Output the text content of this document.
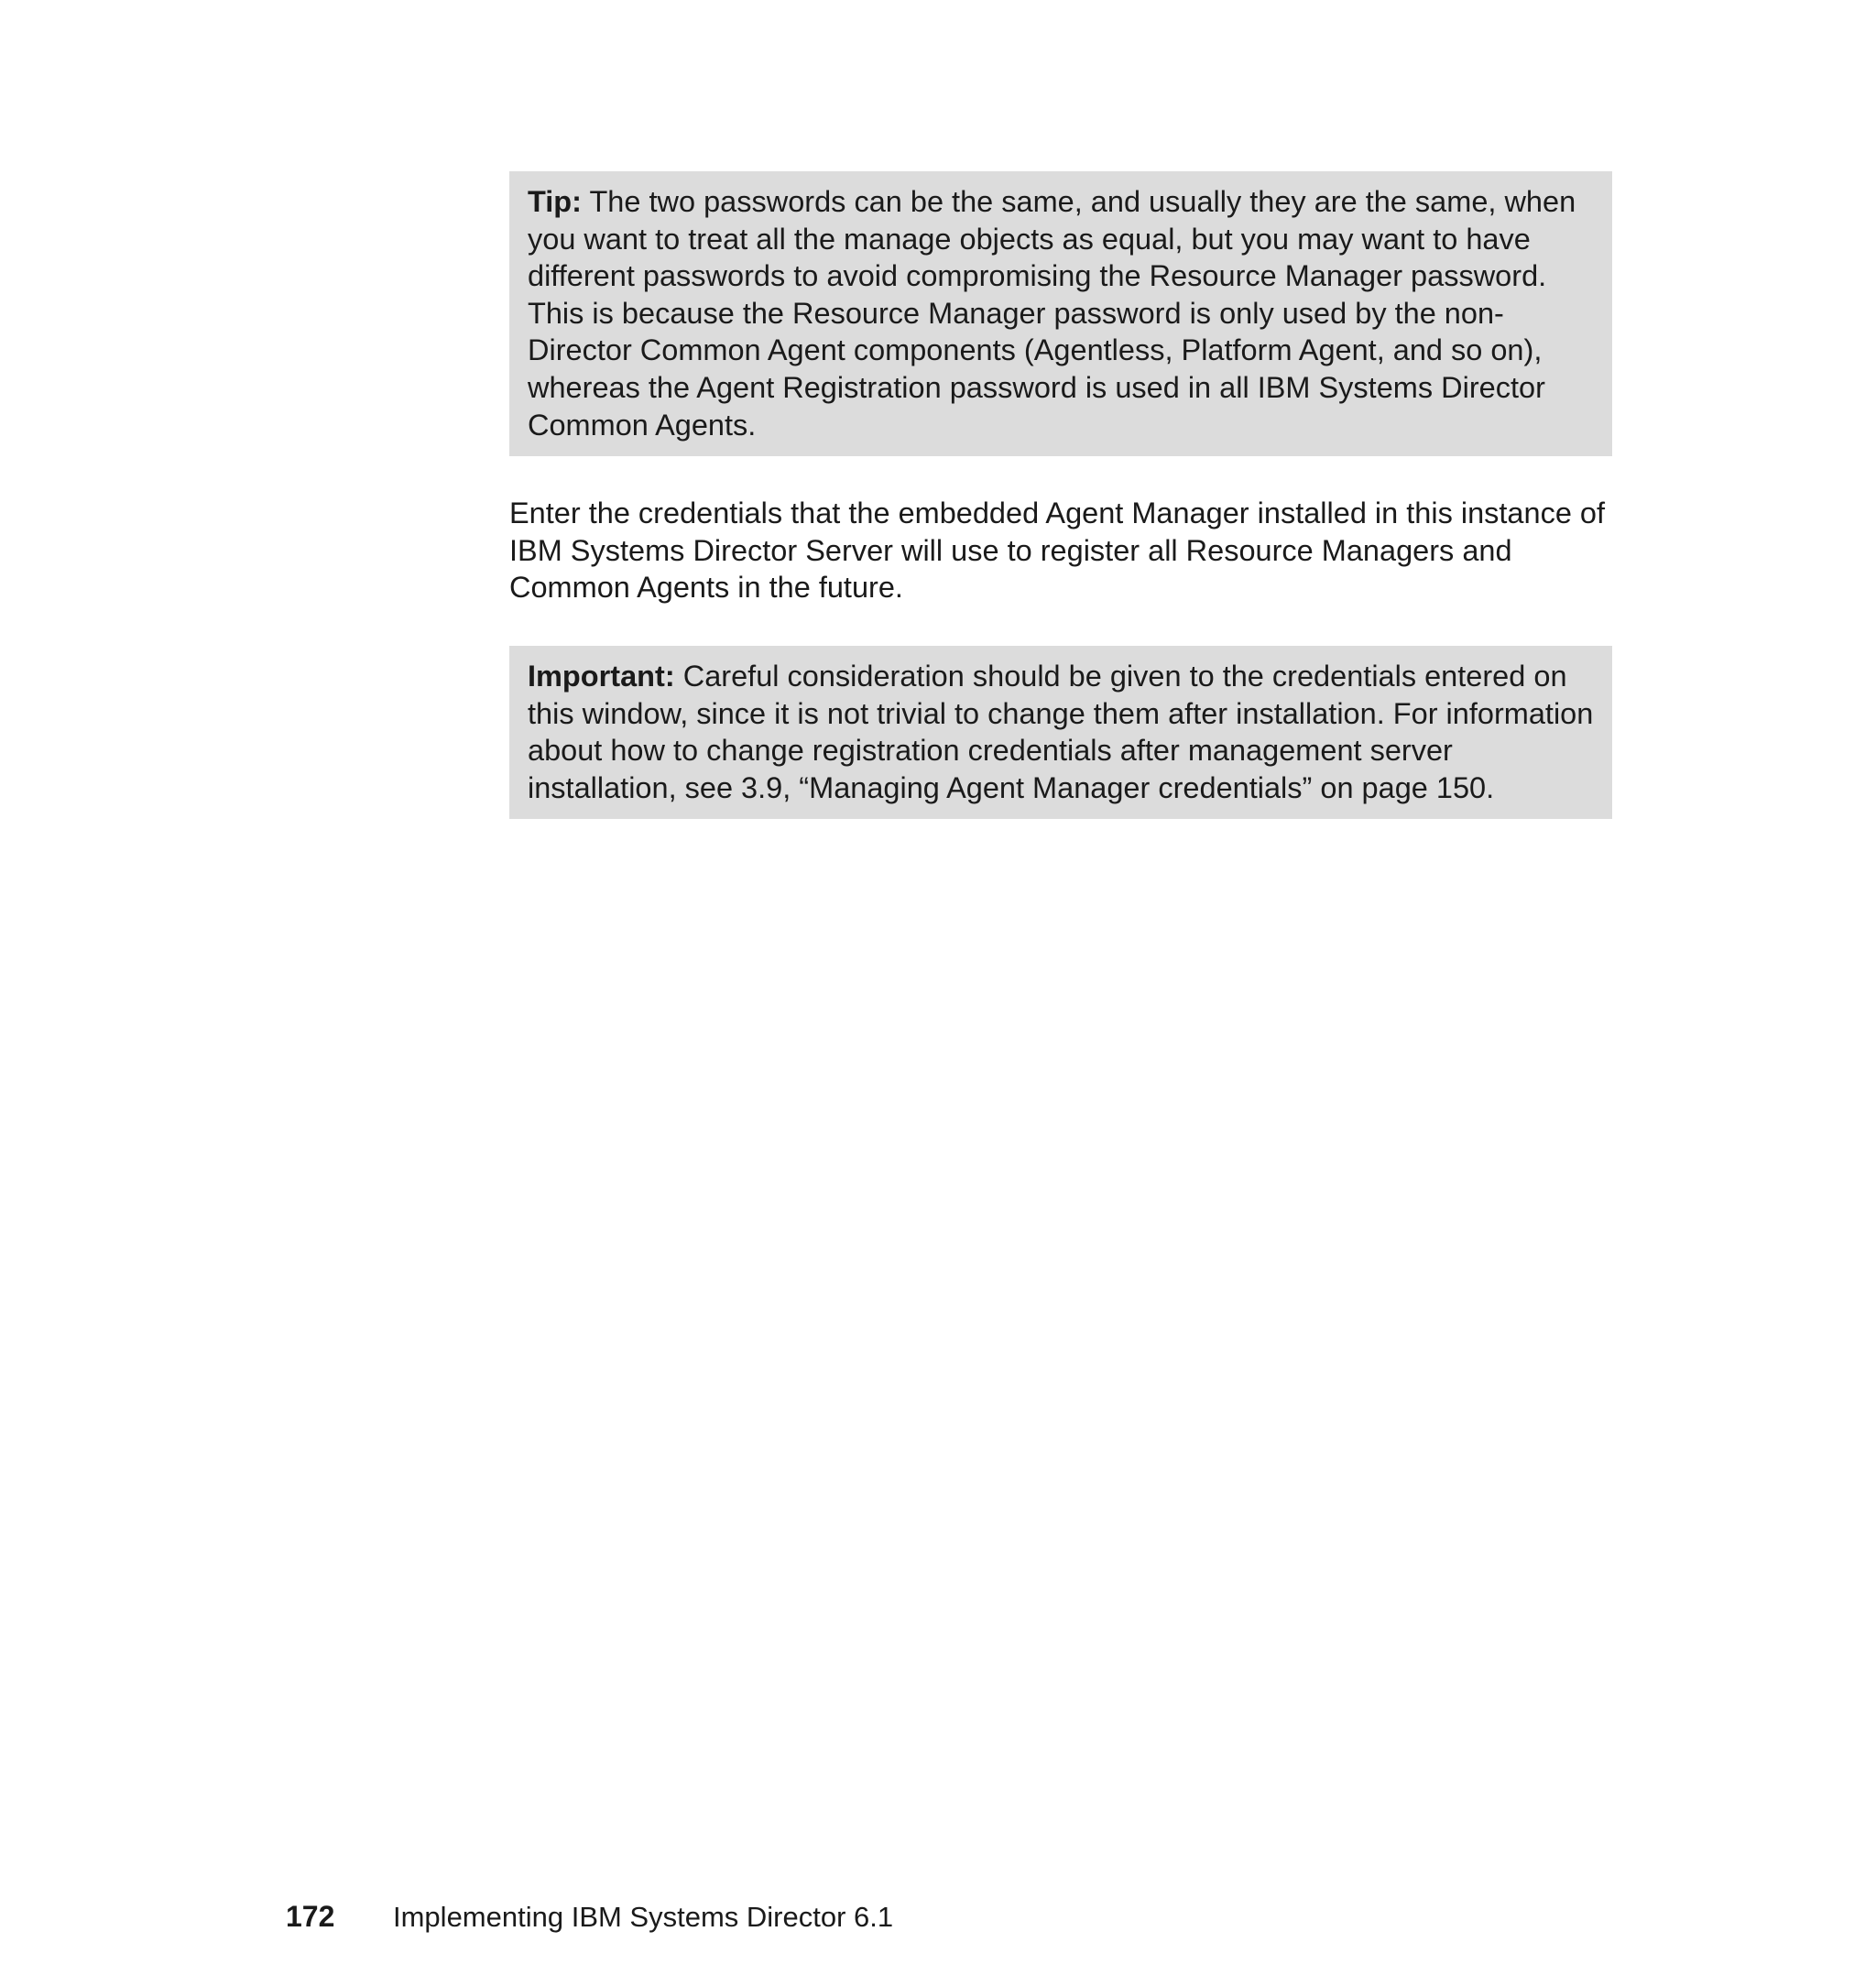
Tip: The two passwords can be the same, and usually they are the same, when you want to treat all the manage objects as equal, but you may want to have different passwords to avoid compromising the Resource Manager password. This is because the Resource Manager password is only used by the non-Director Common Agent components (Agentless, Platform Agent, and so on), whereas the Agent Registration password is used in all IBM Systems Director Common Agents.

Enter the credentials that the embedded Agent Manager installed in this instance of IBM Systems Director Server will use to register all Resource Managers and Common Agents in the future.

Important: Careful consideration should be given to the credentials entered on this window, since it is not trivial to change them after installation. For information about how to change registration credentials after management server installation, see 3.9, “Managing Agent Manager credentials” on page 150.
172 Implementing IBM Systems Director 6.1
